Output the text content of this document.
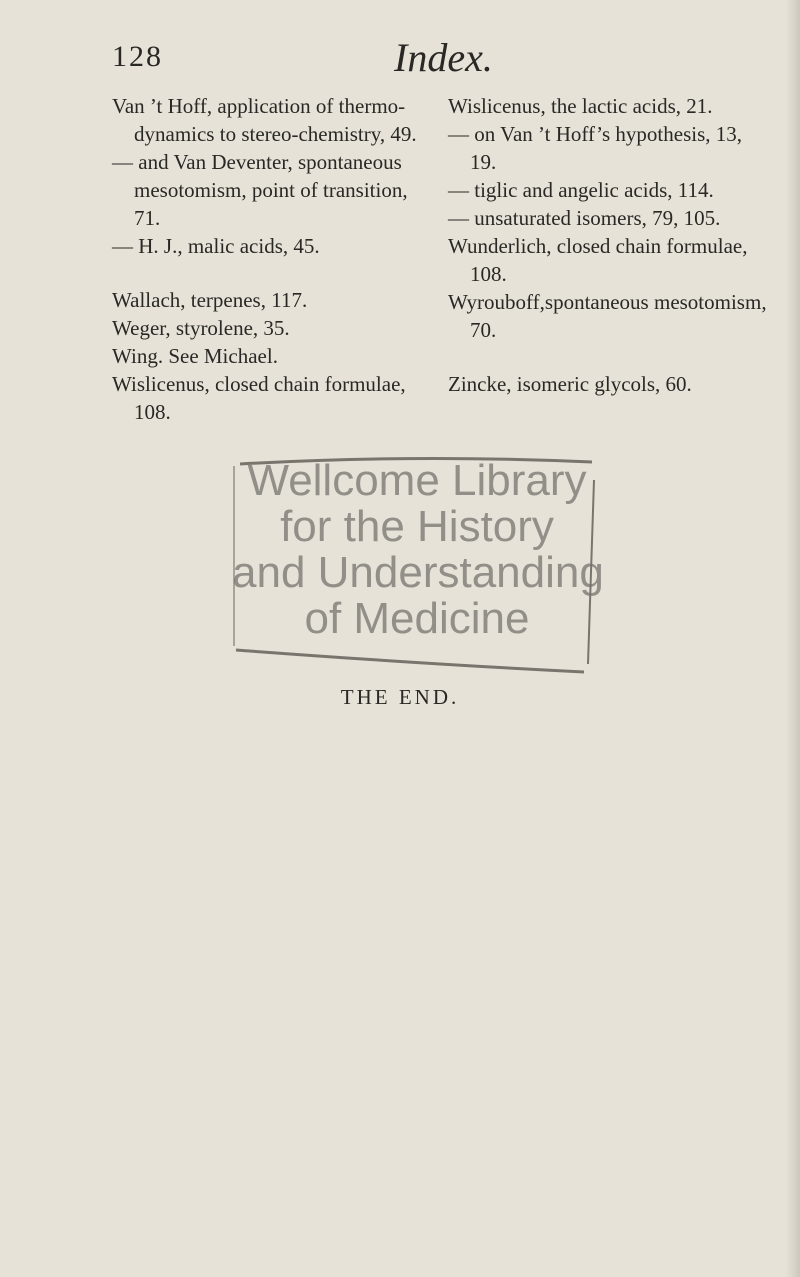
128	Index.

Van ’t Hoff, application of thermo-
dynamics to stereo-chemistry, 49.

— and Van Deventer, spontaneous
mesotomism, point of transition,
71.

— H. J., malic acids, 45.

Wallach, terpenes, 117.

Weger, styrolene, 35.

Wing. See Michael.

Wislicenus, closed chain formulae,
108.

Wislicenus, the lactic acids, 21.

— on Van ’t Hoff’s hypothesis, 13,
19.

— tiglic and angelic acids, 114.

— unsaturated isomers, 79, 105.

Wunderlich, closed chain formulae,
108.

Wyrouboff,spontaneous mesotomism,
70.

Zincke, isomeric glycols, 60.

Wellcome Library
for the History
and Understanding
of Medicine
THE END.
